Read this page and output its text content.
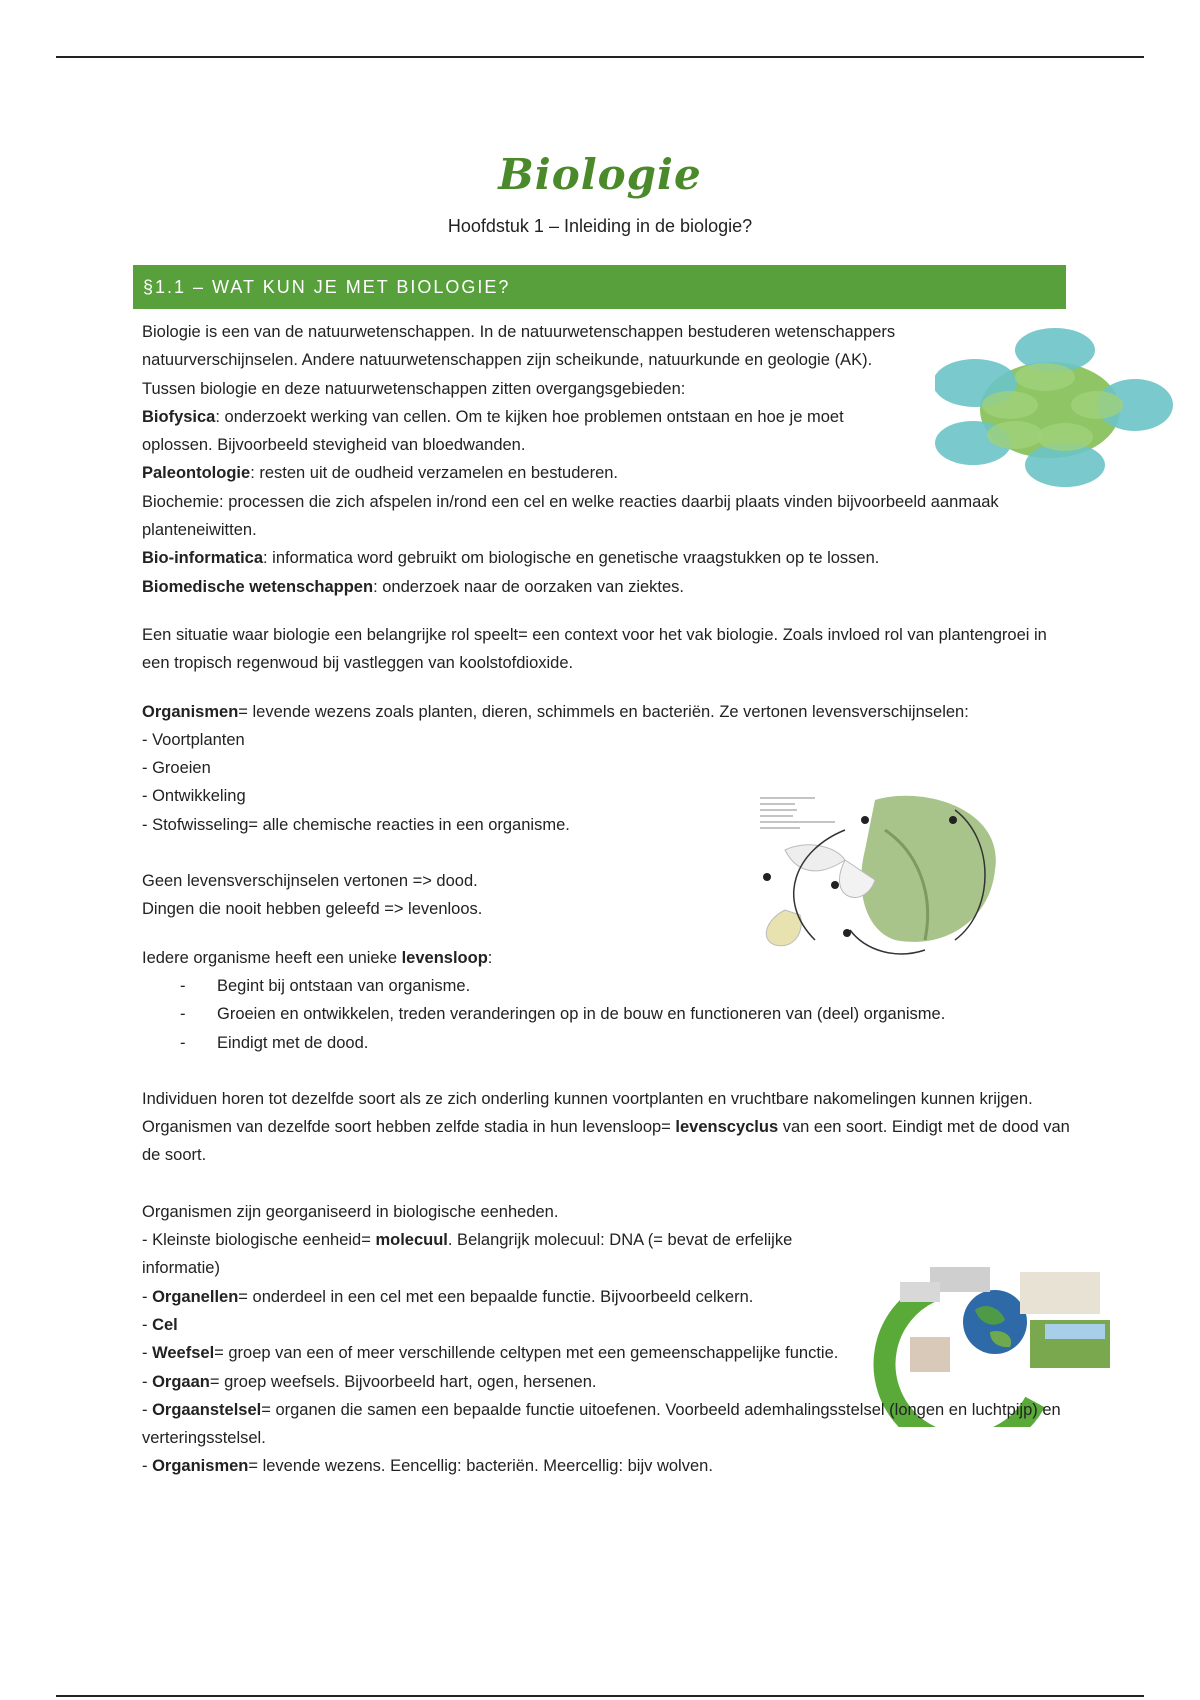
Biologie
Hoofdstuk 1 – Inleiding in de biologie?
§1.1 – WAT KUN JE MET BIOLOGIE?

Biologie is een van de natuurwetenschappen. In de natuurwetenschappen bestuderen wetenschappers natuurverschijnselen. Andere natuurwetenschappen zijn scheikunde, natuurkunde en geologie (AK). Tussen biologie en deze natuurwetenschappen zitten overgangsgebieden:

Biofysica: onderzoekt werking van cellen. Om te kijken hoe problemen ontstaan en hoe je moet oplossen. Bijvoorbeeld stevigheid van bloedwanden.

Paleontologie: resten uit de oudheid verzamelen en bestuderen.

Biochemie: processen die zich afspelen in/rond een cel en welke reacties daarbij plaats vinden bijvoorbeeld aanmaak planteneiwitten.

Bio-informatica: informatica word gebruikt om biologische en genetische vraagstukken op te lossen.

Biomedische wetenschappen: onderzoek naar de oorzaken van ziektes.

Een situatie waar biologie een belangrijke rol speelt= een context voor het vak biologie. Zoals invloed rol van plantengroei in een tropisch regenwoud bij vastleggen van koolstofdioxide.

Organismen= levende wezens zoals planten, dieren, schimmels en bacteriën. Ze vertonen levensverschijnselen:

- Voortplanten

- Groeien

- Ontwikkeling

- Stofwisseling= alle chemische reacties in een organisme.

Geen levensverschijnselen vertonen => dood.

Dingen die nooit hebben geleefd => levenloos.

Iedere organisme heeft een unieke levensloop:

- Begint bij ontstaan van organisme.
- Groeien en ontwikkelen, treden veranderingen op in de bouw en functioneren van (deel) organisme.
- Eindigt met de dood.

Individuen horen tot dezelfde soort als ze zich onderling kunnen voortplanten en vruchtbare nakomelingen kunnen krijgen. Organismen van dezelfde soort hebben zelfde stadia in hun levensloop= levenscyclus van een soort. Eindigt met de dood van de soort.

Organismen zijn georganiseerd in biologische eenheden.

- Kleinste biologische eenheid= molecuul. Belangrijk molecuul: DNA (= bevat de erfelijke informatie)

- Organellen= onderdeel in een cel met een bepaalde functie. Bijvoorbeeld celkern.

- Cel

- Weefsel= groep van een of meer verschillende celtypen met een gemeenschappelijke functie.

- Orgaan= groep weefsels. Bijvoorbeeld hart, ogen, hersenen.

- Orgaanstelsel= organen die samen een bepaalde functie uitoefenen. Voorbeeld ademhalingsstelsel (longen en luchtpijp) en verteringsstelsel.

- Organismen= levende wezens. Eencellig: bacteriën. Meercellig: bijv wolven.
